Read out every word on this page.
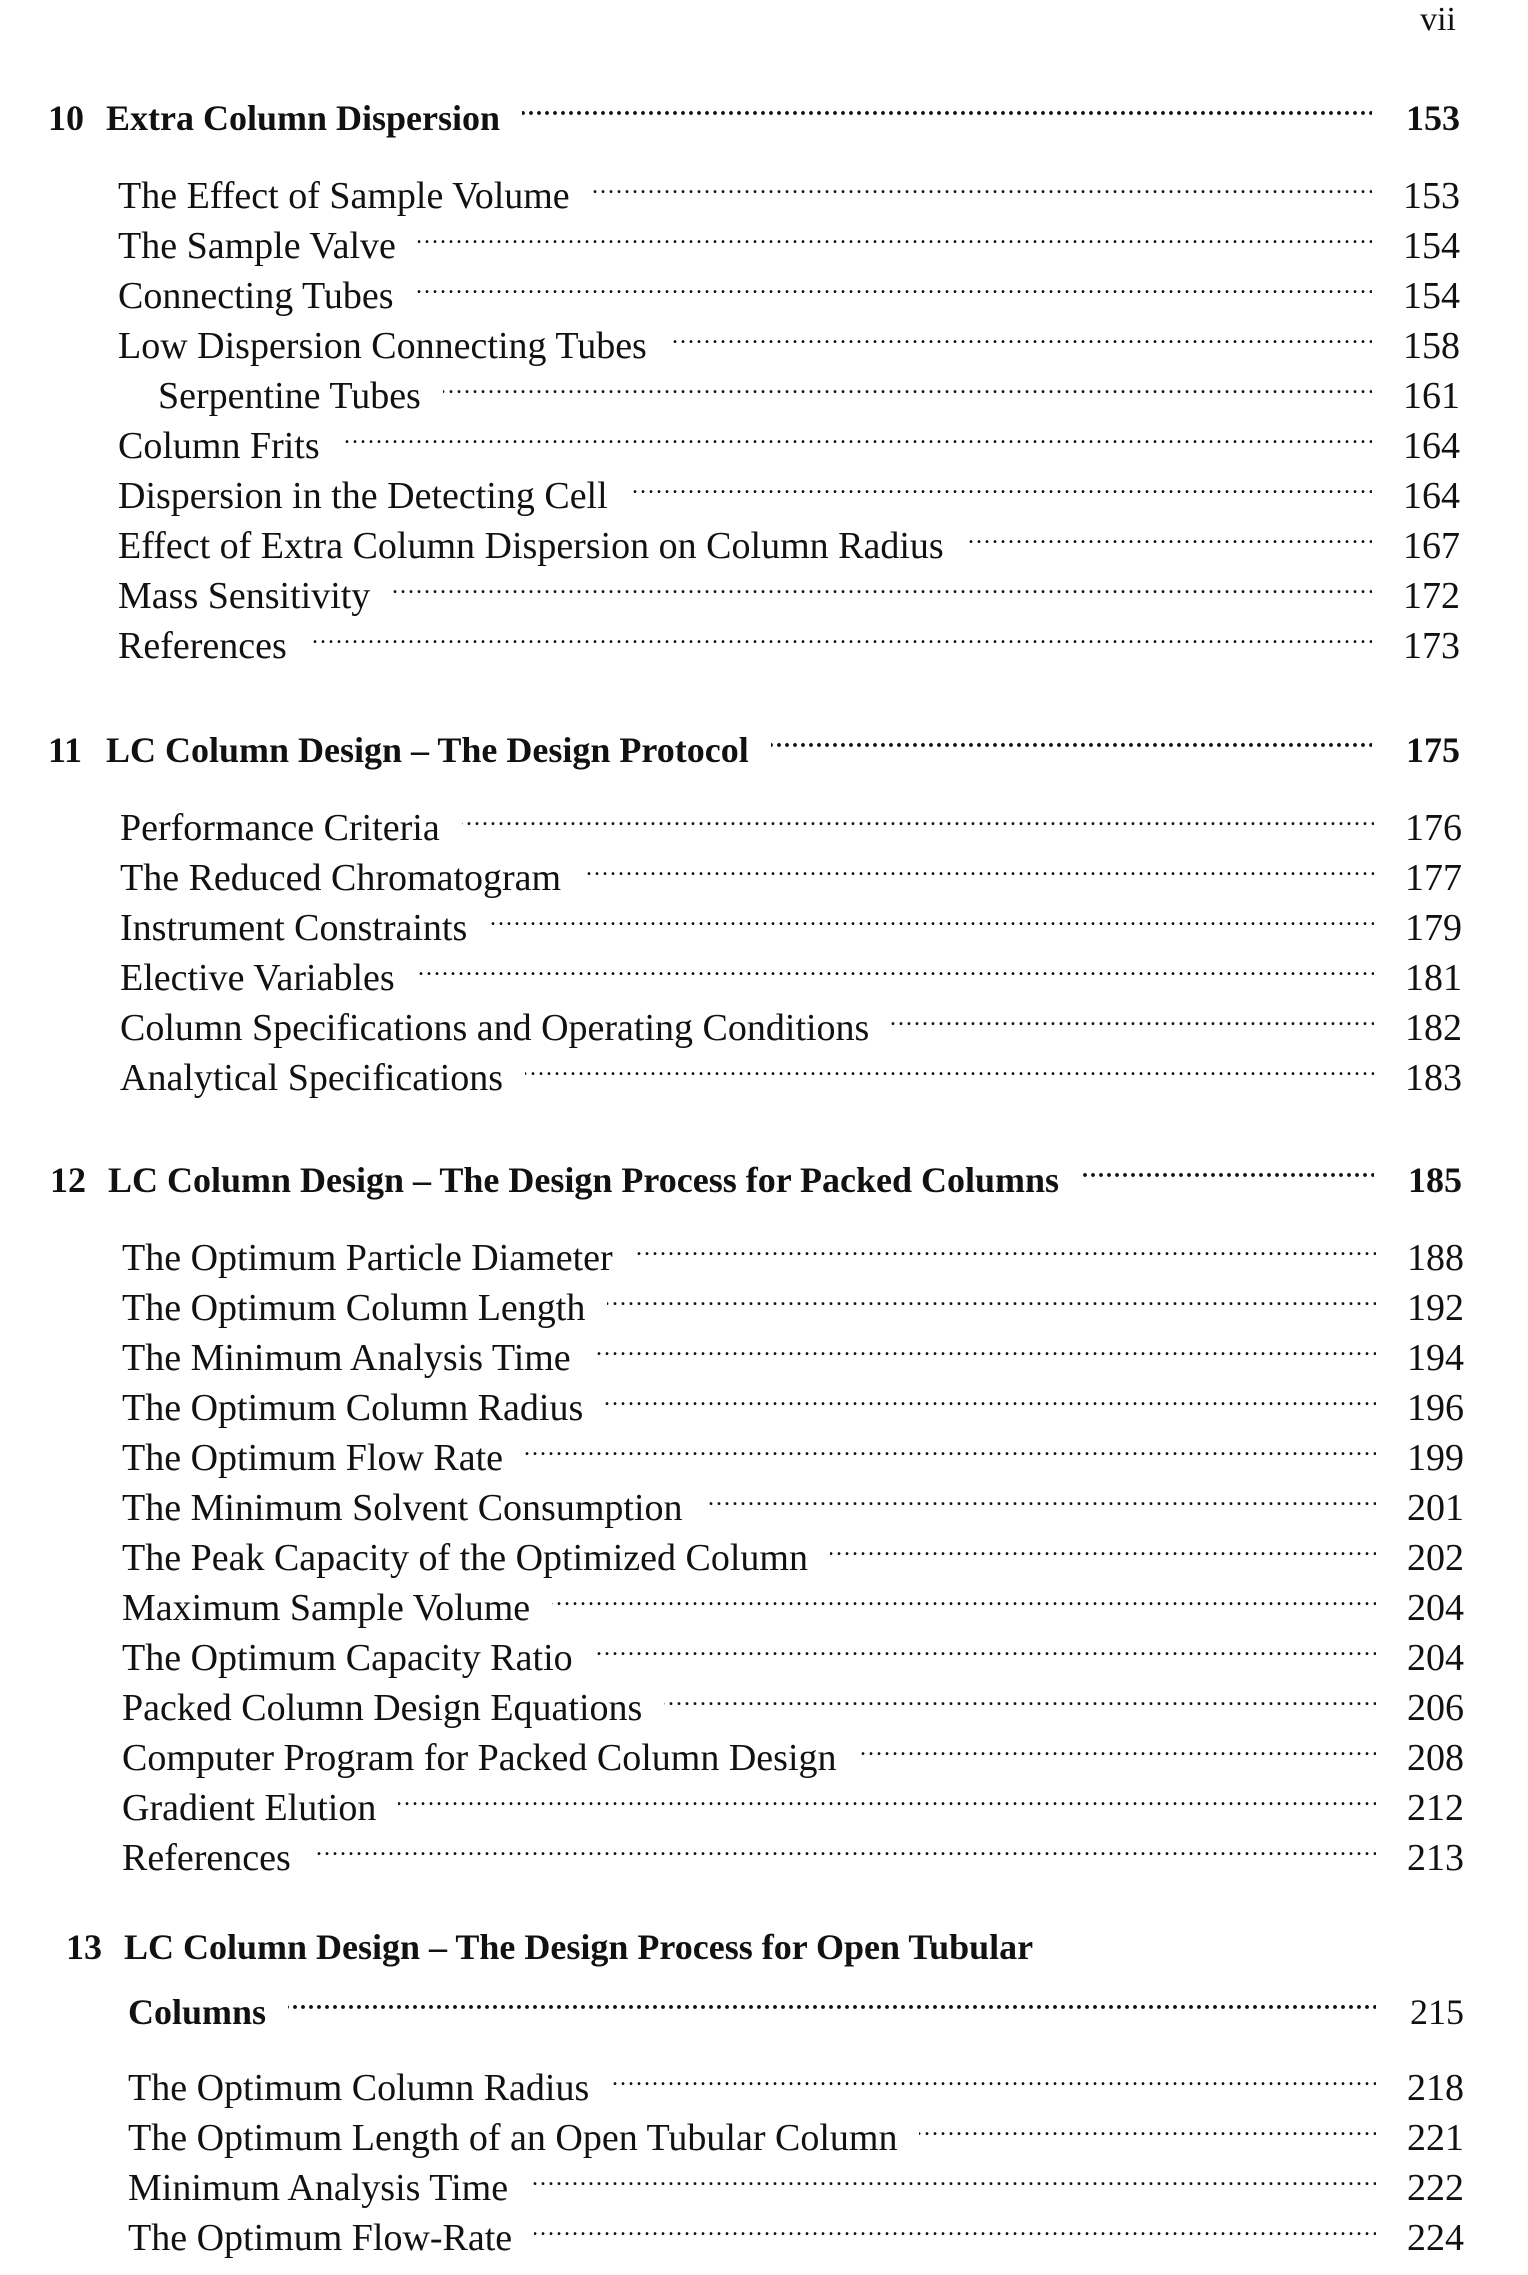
vii
10 Extra Column Dispersion . . .	153
The Effect of Sample Volume . . .	153
The Sample Valve . . .	154
Connecting Tubes . . .	154
Low Dispersion Connecting Tubes . . .	158
Serpentine Tubes . . .	161
Column Frits . . .	164
Dispersion in the Detecting Cell . . .	164
Effect of Extra Column Dispersion on Column Radius . . .	167
Mass Sensitivity . . .	172
References . . .	173
11 LC Column Design – The Design Protocol . . .	175
Performance Criteria . . .	176
The Reduced Chromatogram . . .	177
Instrument Constraints . . .	179
Elective Variables . . .	181
Column Specifications and Operating Conditions . . .	182
Analytical Specifications . . .	183
12 LC Column Design – The Design Process for Packed Columns . . .	185
The Optimum Particle Diameter . . .	188
The Optimum Column Length . . .	192
The Minimum Analysis Time . . .	194
The Optimum Column Radius . . .	196
The Optimum Flow Rate . . .	199
The Minimum Solvent Consumption . . .	201
The Peak Capacity of the Optimized Column . . .	202
Maximum Sample Volume . . .	204
The Optimum Capacity Ratio . . .	204
Packed Column Design Equations . . .	206
Computer Program for Packed Column Design . . .	208
Gradient Elution . . .	212
References . . .	213
13 LC Column Design – The Design Process for Open Tubular
Columns . . .	215
The Optimum Column Radius . . .	218
The Optimum Length of an Open Tubular Column . . .	221
Minimum Analysis Time . . .	222
The Optimum Flow-Rate . . .	224
